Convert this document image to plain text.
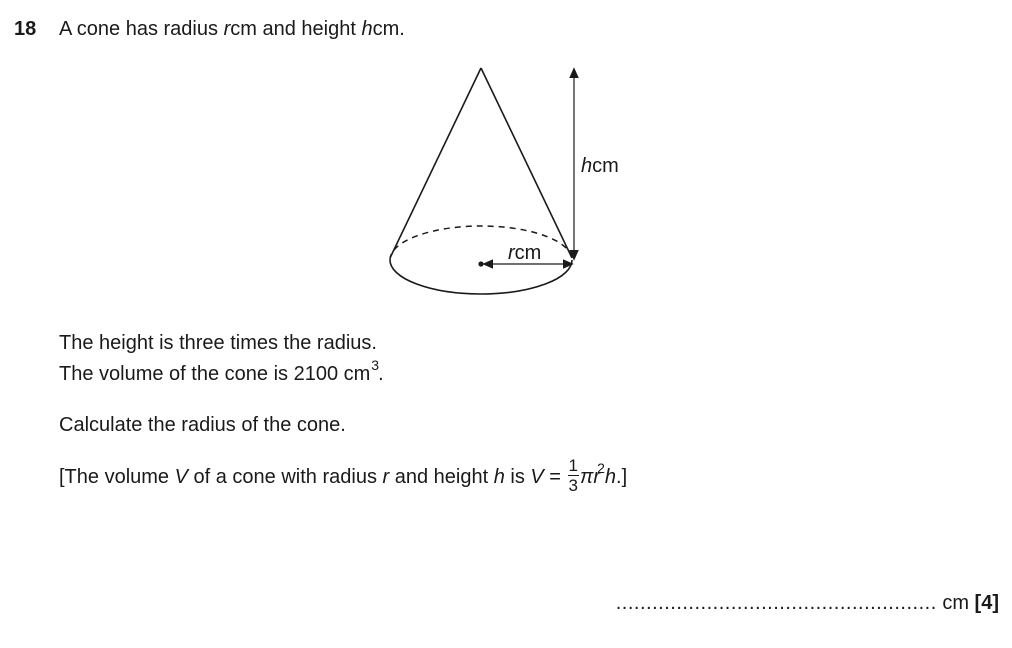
18 A cone has radius rcm and height hcm.
hcm
rcm
The height is three times the radius.
The volume of the cone is 2100 $cm^3$.
Calculate the radius of the cone.
[The volume V of a cone with radius r and height h is $V = \frac{1}{3} \pi r^2h$.]
..................................................... cm [4]
